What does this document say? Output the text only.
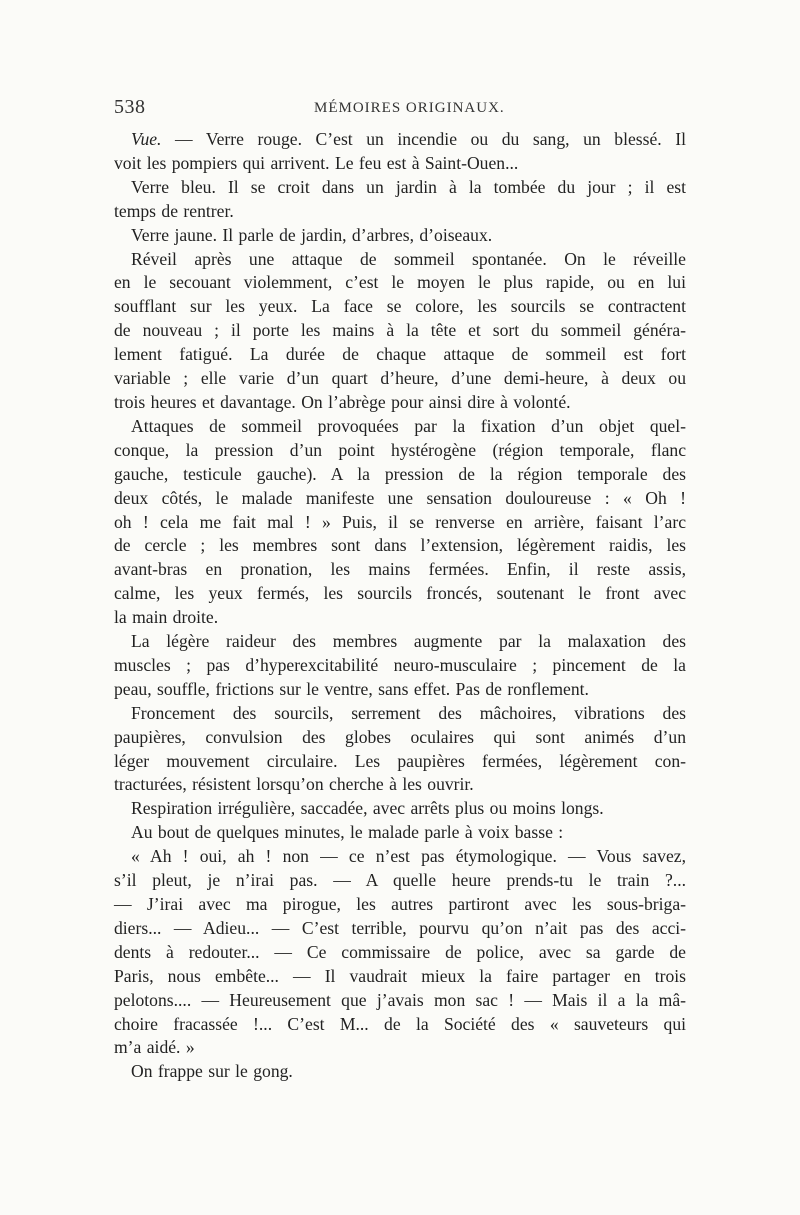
538	MÉMOIRES ORIGINAUX.
Vue. — Verre rouge. C’est un incendie ou du sang, un blessé. Il
voit les pompiers qui arrivent. Le feu est à Saint-Ouen...
Verre bleu. Il se croit dans un jardin à la tombée du jour ; il est
temps de rentrer.
Verre jaune. Il parle de jardin, d’arbres, d’oiseaux.
Réveil après une attaque de sommeil spontanée. On le réveille
en le secouant violemment, c’est le moyen le plus rapide, ou en lui
soufflant sur les yeux. La face se colore, les sourcils se contractent
de nouveau ; il porte les mains à la tête et sort du sommeil généra-
lement fatigué. La durée de chaque attaque de sommeil est fort
variable ; elle varie d’un quart d’heure, d’une demi-heure, à deux ou
trois heures et davantage. On l’abrège pour ainsi dire à volonté.
Attaques de sommeil provoquées par la fixation d’un objet quel-
conque, la pression d’un point hystérogène (région temporale, flanc
gauche, testicule gauche). A la pression de la région temporale des
deux côtés, le malade manifeste une sensation douloureuse : « Oh !
oh ! cela me fait mal ! » Puis, il se renverse en arrière, faisant l’arc
de cercle ; les membres sont dans l’extension, légèrement raidis, les
avant-bras en pronation, les mains fermées. Enfin, il reste assis,
calme, les yeux fermés, les sourcils froncés, soutenant le front avec
la main droite.
La légère raideur des membres augmente par la malaxation des
muscles ; pas d’hyperexcitabilité neuro-musculaire ; pincement de la
peau, souffle, frictions sur le ventre, sans effet. Pas de ronflement.
Froncement des sourcils, serrement des mâchoires, vibrations des
paupières, convulsion des globes oculaires qui sont animés d’un
léger mouvement circulaire. Les paupières fermées, légèrement con-
tracturées, résistent lorsqu’on cherche à les ouvrir.
Respiration irrégulière, saccadée, avec arrêts plus ou moins longs.
Au bout de quelques minutes, le malade parle à voix basse :
« Ah ! oui, ah ! non — ce n’est pas étymologique. — Vous savez,
s’il pleut, je n’irai pas. — A quelle heure prends-tu le train ?...
— J’irai avec ma pirogue, les autres partiront avec les sous-briga-
diers... — Adieu... — C’est terrible, pourvu qu’on n’ait pas des acci-
dents à redouter... — Ce commissaire de police, avec sa garde de
Paris, nous embête... — Il vaudrait mieux la faire partager en trois
pelotons.... — Heureusement que j’avais mon sac ! — Mais il a la mâ-
choire fracassée !... C’est M... de la Société des « sauveteurs qui
m’a aidé. »
On frappe sur le gong.
